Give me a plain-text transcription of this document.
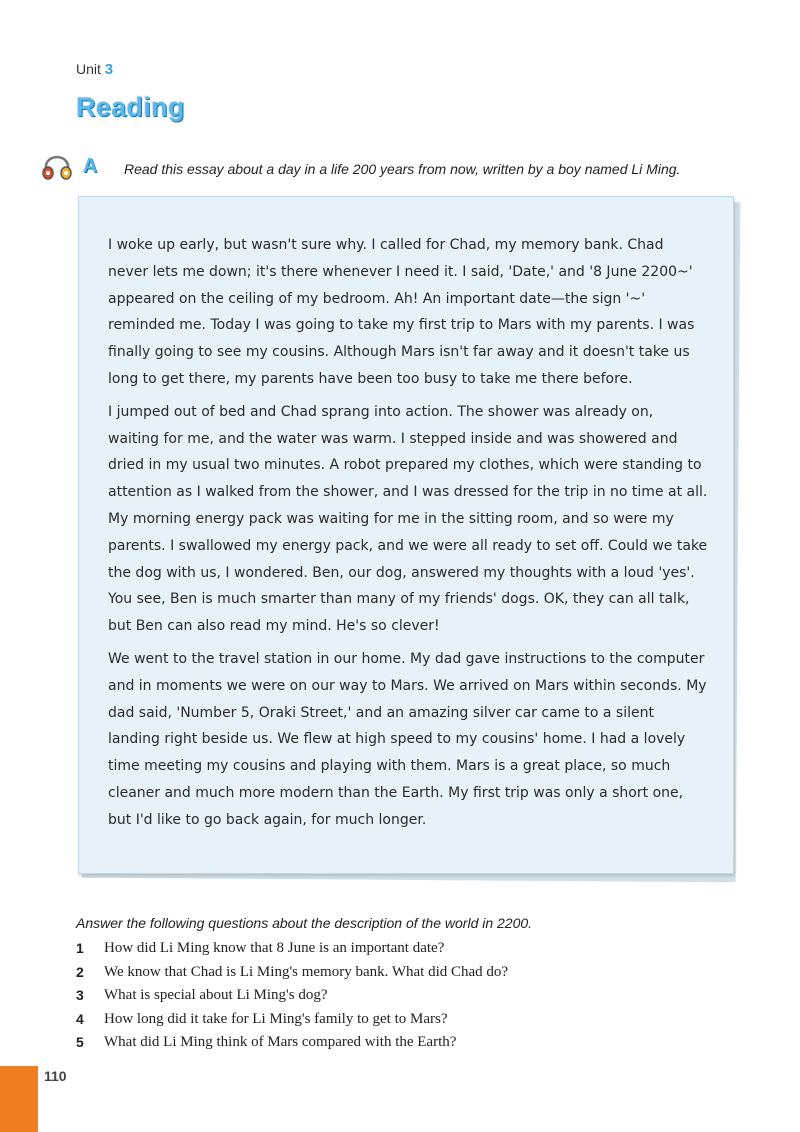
Unit 3
Reading
A Read this essay about a day in a life 200 years from now, written by a boy named Li Ming.

I woke up early, but wasn't sure why. I called for Chad, my memory bank. Chad never lets me down; it's there whenever I need it. I said, 'Date,' and '8 June 2200~' appeared on the ceiling of my bedroom. Ah! An important date—the sign '~' reminded me. Today I was going to take my first trip to Mars with my parents. I was finally going to see my cousins. Although Mars isn't far away and it doesn't take us long to get there, my parents have been too busy to take me there before.

I jumped out of bed and Chad sprang into action. The shower was already on, waiting for me, and the water was warm. I stepped inside and was showered and dried in my usual two minutes. A robot prepared my clothes, which were standing to attention as I walked from the shower, and I was dressed for the trip in no time at all. My morning energy pack was waiting for me in the sitting room, and so were my parents. I swallowed my energy pack, and we were all ready to set off. Could we take the dog with us, I wondered. Ben, our dog, answered my thoughts with a loud 'yes'. You see, Ben is much smarter than many of my friends' dogs. OK, they can all talk, but Ben can also read my mind. He's so clever!

We went to the travel station in our home. My dad gave instructions to the computer and in moments we were on our way to Mars. We arrived on Mars within seconds. My dad said, 'Number 5, Oraki Street,' and an amazing silver car came to a silent landing right beside us. We flew at high speed to my cousins' home. I had a lovely time meeting my cousins and playing with them. Mars is a great place, so much cleaner and much more modern than the Earth. My first trip was only a short one, but I'd like to go back again, for much longer.

Answer the following questions about the description of the world in 2200.
1	How did Li Ming know that 8 June is an important date?
2	We know that Chad is Li Ming's memory bank. What did Chad do?
3	What is special about Li Ming's dog?
4	How long did it take for Li Ming's family to get to Mars?
5	What did Li Ming think of Mars compared with the Earth?
110
